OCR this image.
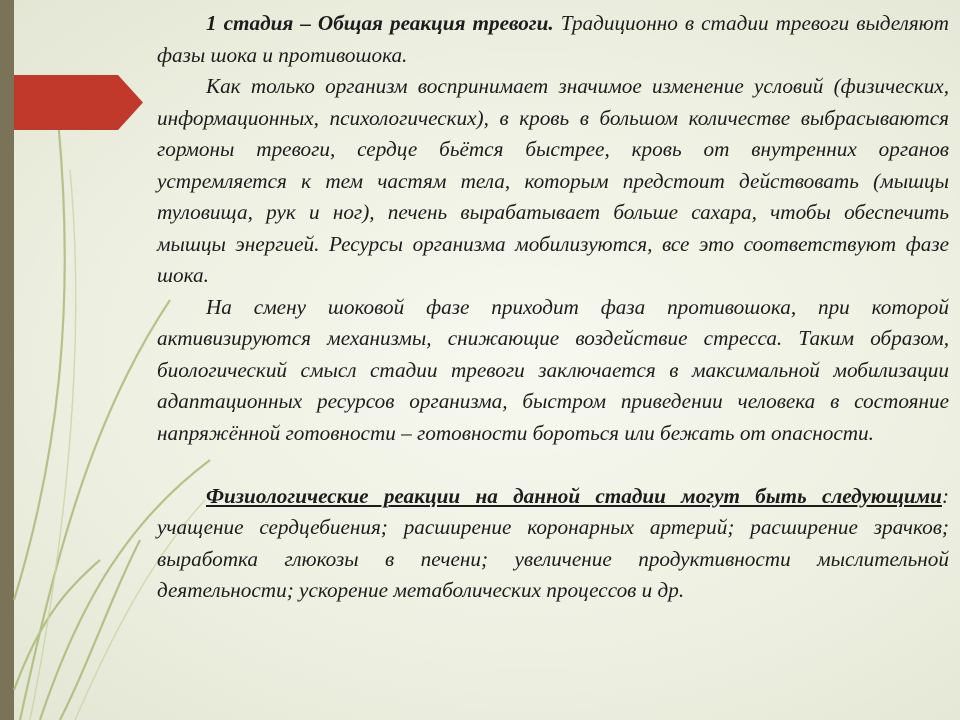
1 стадия – Общая реакция тревоги. Традиционно в стадии тревоги выделяют фазы шока и противошока.

Как только организм воспринимает значимое изменение условий (физических, информационных, психологических), в кровь в большом количестве выбрасываются гормоны тревоги, сердце бьётся быстрее, кровь от внутренних органов устремляется к тем частям тела, которым предстоит действовать (мышцы туловища, рук и ног), печень вырабатывает больше сахара, чтобы обеспечить мышцы энергией. Ресурсы организма мобилизуются, все это соответствуют фазе шока.

На смену шоковой фазе приходит фаза противошока, при которой активизируются механизмы, снижающие воздействие стресса. Таким образом, биологический смысл стадии тревоги заключается в максимальной мобилизации адаптационных ресурсов организма, быстром приведении человека в состояние напряжённой готовности – готовности бороться или бежать от опасности.

Физиологические реакции на данной стадии могут быть следующими: учащение сердцебиения; расширение коронарных артерий; расширение зрачков; выработка глюкозы в печени; увеличение продуктивности мыслительной деятельности; ускорение метаболических процессов и др.
